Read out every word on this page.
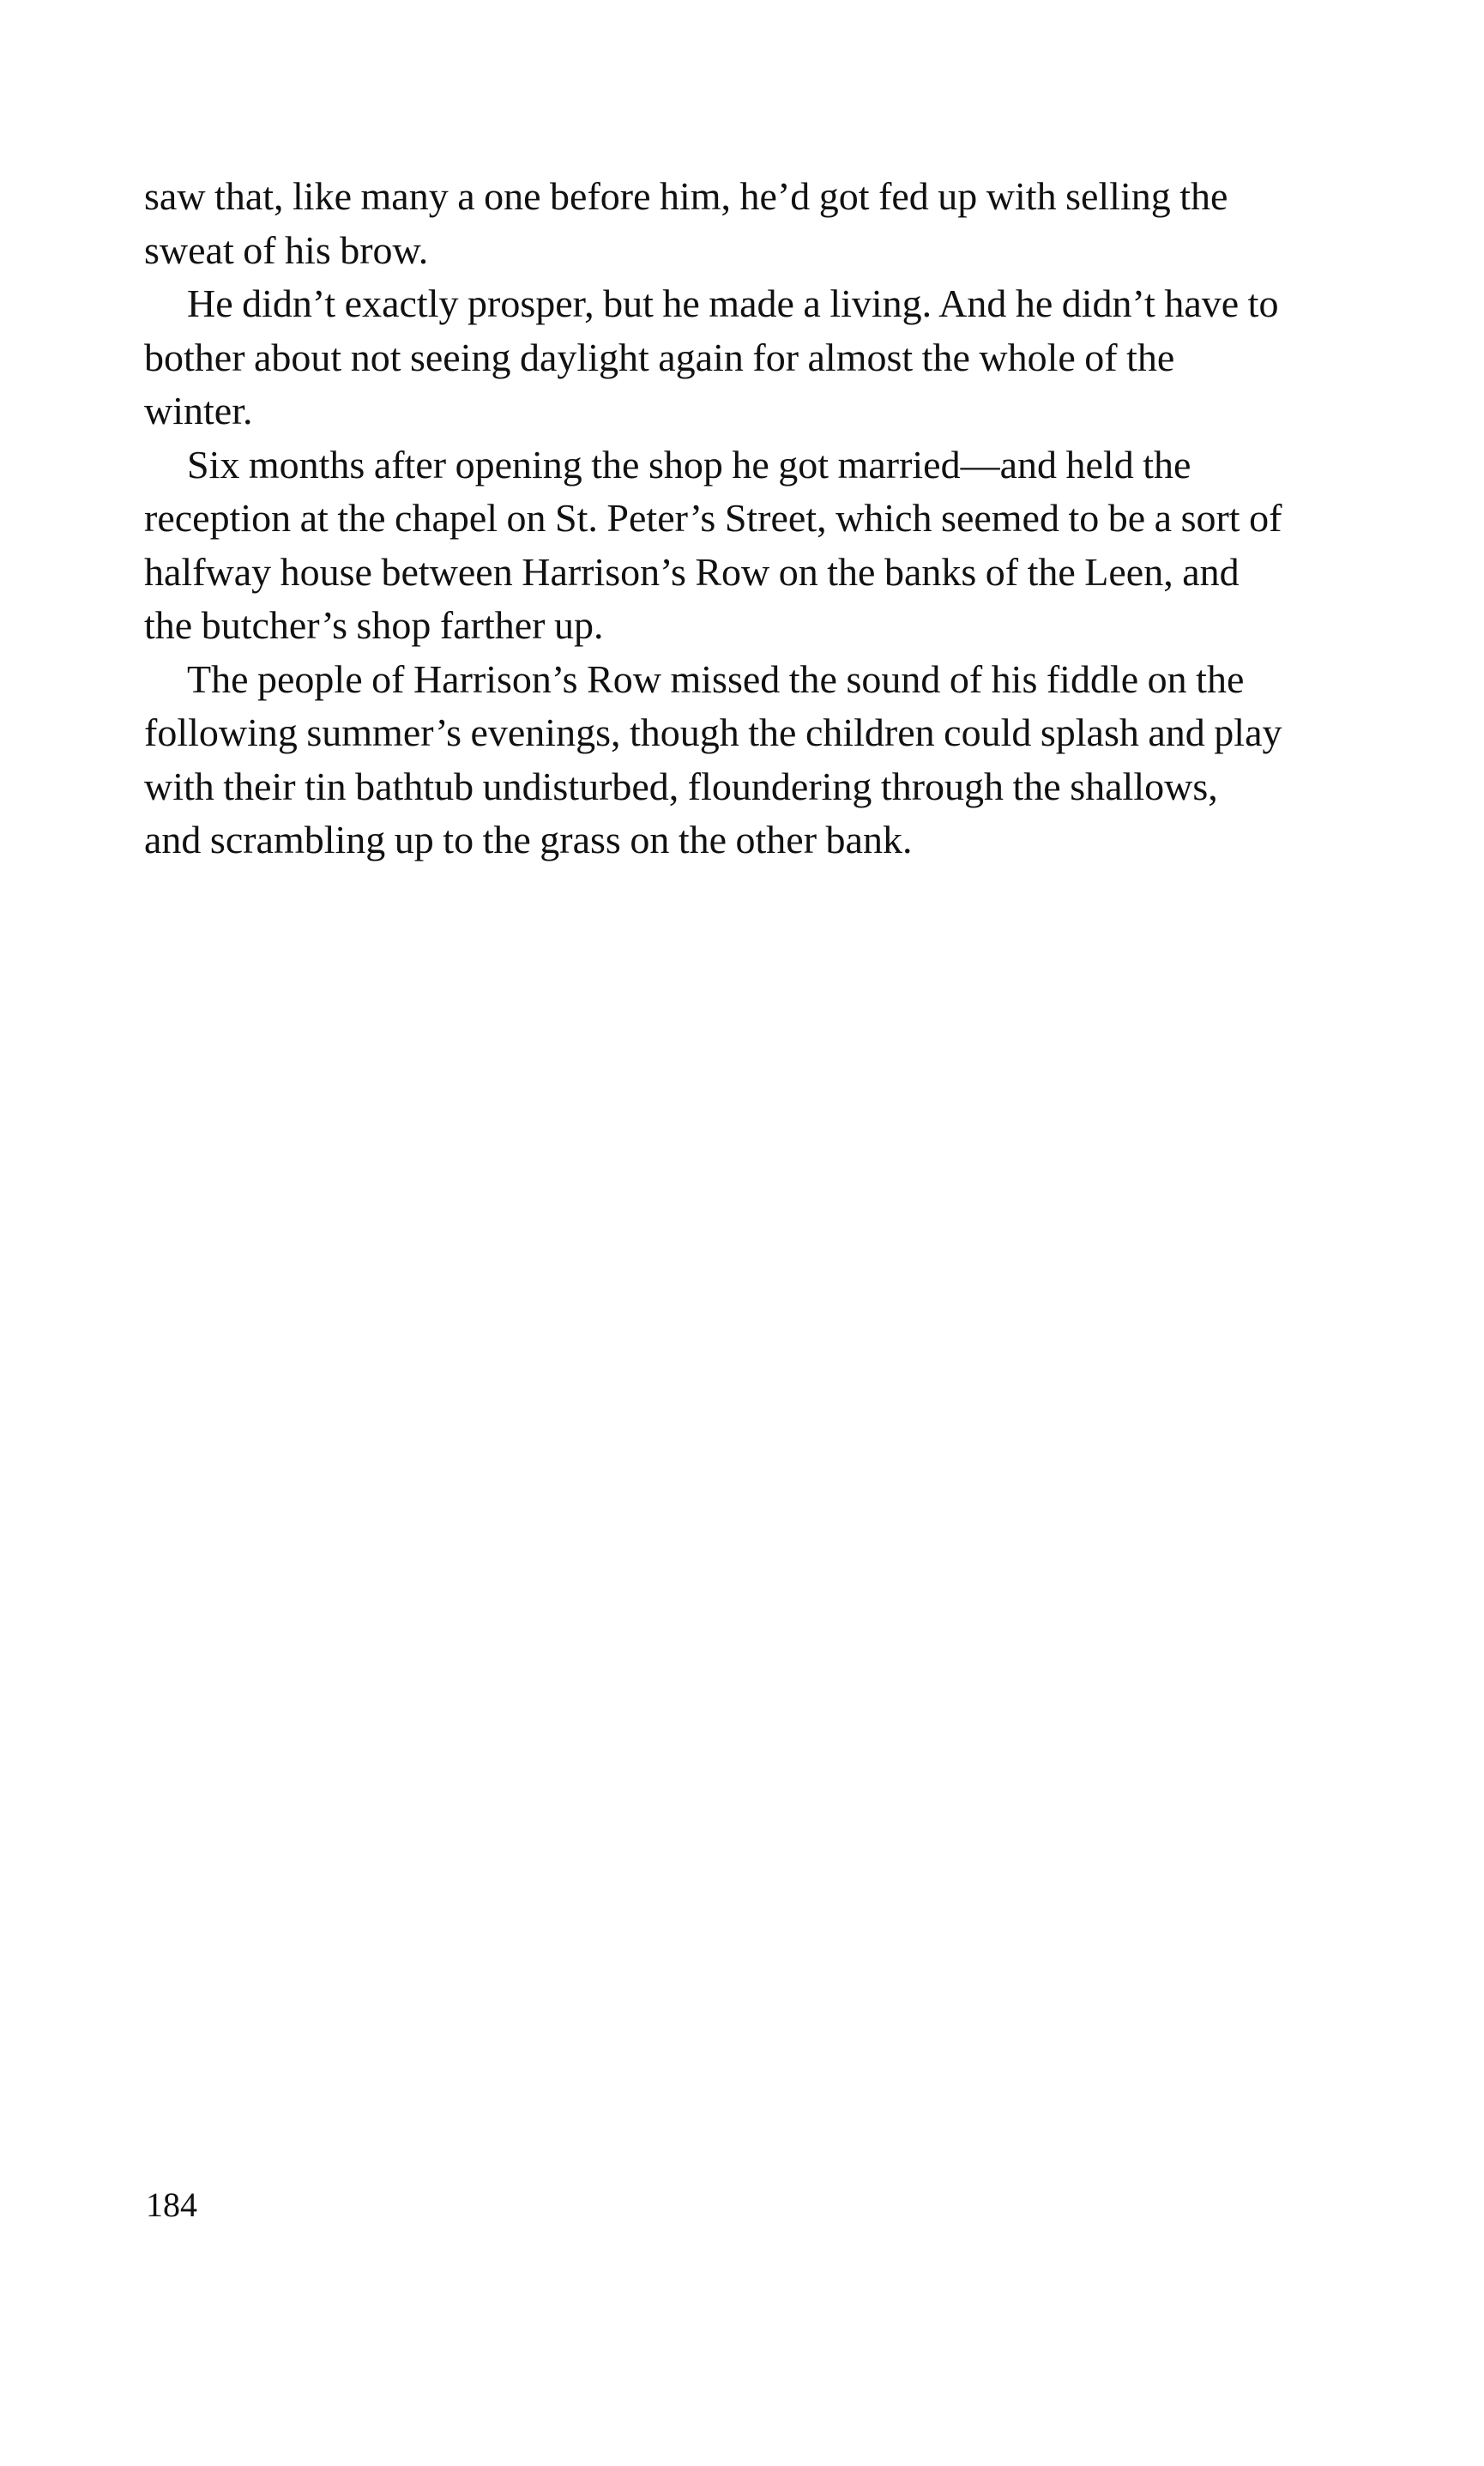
saw that, like many a one before him, he’d got fed up with selling the
sweat of his brow.
He didn’t exactly prosper, but he made a living. And he didn’t have to
bother about not seeing daylight again for almost the whole of the
winter.
Six months after opening the shop he got married—and held the
reception at the chapel on St. Peter’s Street, which seemed to be a sort of
halfway house between Harrison’s Row on the banks of the Leen, and
the butcher’s shop farther up.
The people of Harrison’s Row missed the sound of his fiddle on the
following summer’s evenings, though the children could splash and play
with their tin bathtub undisturbed, floundering through the shallows,
and scrambling up to the grass on the other bank.
184
